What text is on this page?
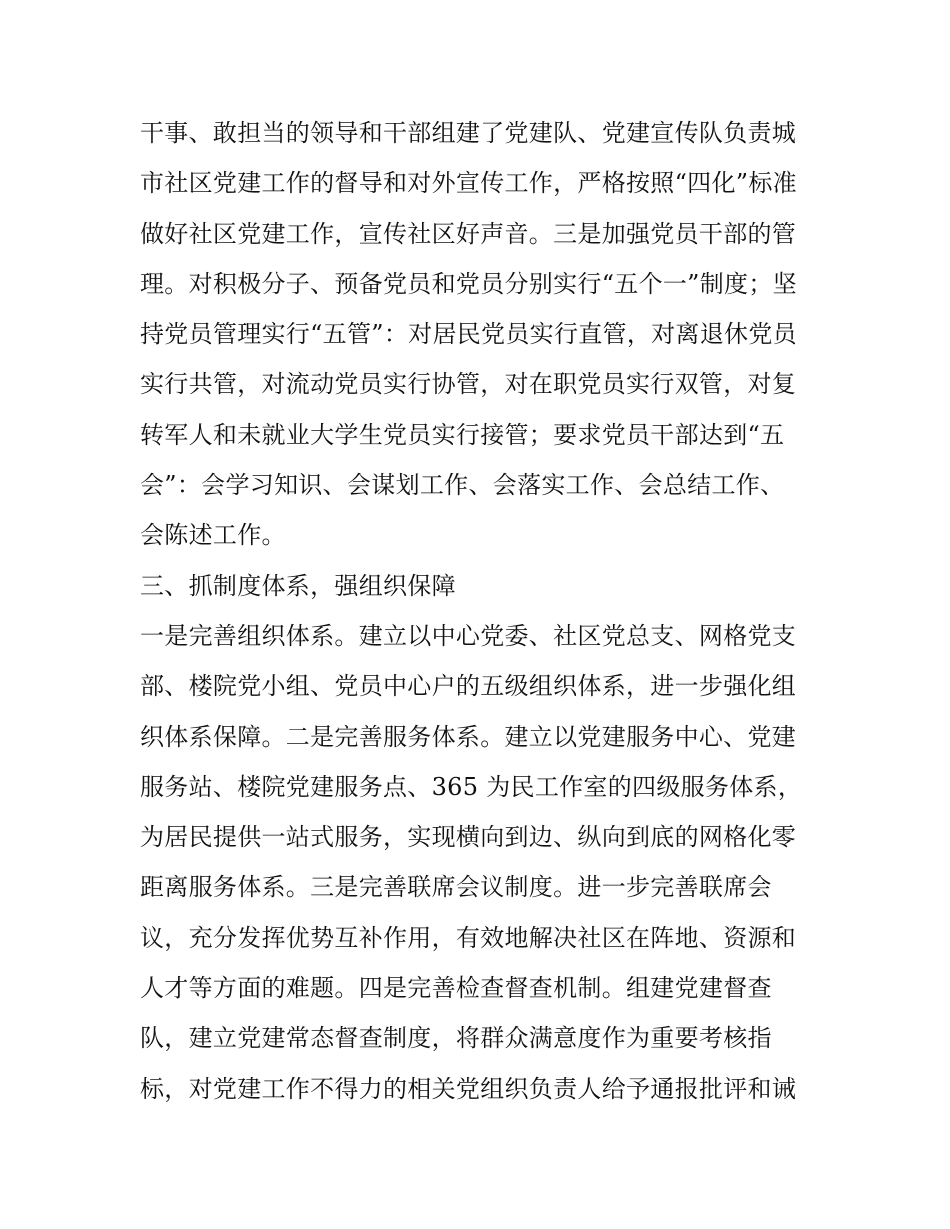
干事、敢担当的领导和干部组建了党建队、党建宣传队负责城
市社区党建工作的督导和对外宣传工作，严格按照“四化”标准
做好社区党建工作，宣传社区好声音。三是加强党员干部的管
理。对积极分子、预备党员和党员分别实行“五个一”制度；坚
持党员管理实行“五管”：对居民党员实行直管，对离退休党员
实行共管，对流动党员实行协管，对在职党员实行双管，对复
转军人和未就业大学生党员实行接管；要求党员干部达到“五
会”：会学习知识、会谋划工作、会落实工作、会总结工作、
会陈述工作。
三、抓制度体系，强组织保障
一是完善组织体系。建立以中心党委、社区党总支、网格党支
部、楼院党小组、党员中心户的五级组织体系，进一步强化组
织体系保障。二是完善服务体系。建立以党建服务中心、党建
服务站、楼院党建服务点、365 为民工作室的四级服务体系，
为居民提供一站式服务，实现横向到边、纵向到底的网格化零
距离服务体系。三是完善联席会议制度。进一步完善联席会
议，充分发挥优势互补作用，有效地解决社区在阵地、资源和
人才等方面的难题。四是完善检查督查机制。组建党建督查
队，建立党建常态督查制度，将群众满意度作为重要考核指
标，对党建工作不得力的相关党组织负责人给予通报批评和诫
